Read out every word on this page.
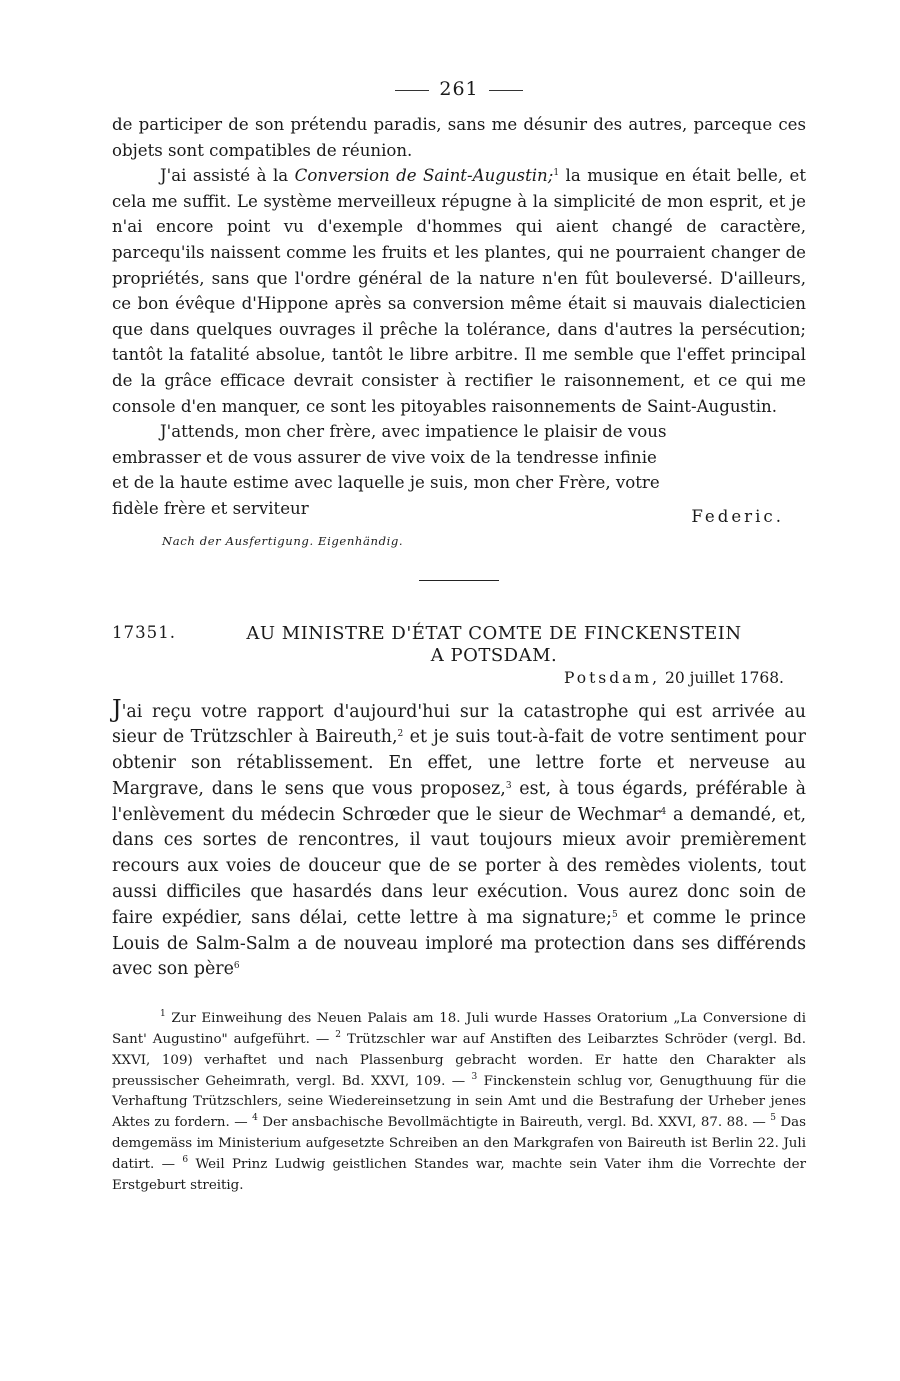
261

de participer de son prétendu paradis, sans me désunir des autres, parceque ces objets sont compatibles de réunion.

J'ai assisté à la Conversion de Saint-Augustin;$^1$ la musique en était belle, et cela me suffit. Le système merveilleux répugne à la simplicité de mon esprit, et je n'ai encore point vu d'exemple d'hommes qui aient changé de caractère, parcequ'ils naissent comme les fruits et les plantes, qui ne pourraient changer de propriétés, sans que l'ordre général de la nature n'en fût bouleversé. D'ailleurs, ce bon évêque d'Hippone après sa conversion même était si mauvais dialecticien que dans quelques ouvrages il prêche la tolérance, dans d'autres la persécution; tantôt la fatalité absolue, tantôt le libre arbitre. Il me semble que l'effet principal de la grâce efficace devrait consister à rectifier le raisonnement, et ce qui me console d'en manquer, ce sont les pitoyables raisonnements de Saint-Augustin.

J'attends, mon cher frère, avec impatience le plaisir de vous embrasser et de vous assurer de vive voix de la tendresse infinie et de la haute estime avec laquelle je suis, mon cher Frère, votre fidèle frère et serviteur	Federic.
Nach der Ausfertigung. Eigenhändig.
17351.	AU MINISTRE D'ÉTAT COMTE DE FINCKENSTEIN
A POTSDAM.
Potsdam, 20 juillet 1768.

J'ai reçu votre rapport d'aujourd'hui sur la catastrophe qui est arrivée au sieur de Trützschler à Baireuth,$^2$ et je suis tout-à-fait de votre sentiment pour obtenir son rétablissement. En effet, une lettre forte et nerveuse au Margrave, dans le sens que vous proposez,$^3$ est, à tous égards, préférable à l'enlèvement du médecin Schrœder que le sieur de Wechmar$^4$ a demandé, et, dans ces sortes de rencontres, il vaut toujours mieux avoir premièrement recours aux voies de douceur que de se porter à des remèdes violents, tout aussi difficiles que hasardés dans leur exécution. Vous aurez donc soin de faire expédier, sans délai, cette lettre à ma signature;$^5$ et comme le prince Louis de Salm-Salm a de nouveau imploré ma protection dans ses différends avec son père$^6$

$^1$ Zur Einweihung des Neuen Palais am 18. Juli wurde Hasses Oratorium „La Conversione di Sant' Augustino" aufgeführt. — $^2$ Trützschler war auf Anstiften des Leibarztes Schröder (vergl. Bd. XXVI, 109) verhaftet und nach Plassenburg gebracht worden. Er hatte den Charakter als preussischer Geheimrath, vergl. Bd. XXVI, 109. — $^3$ Finckenstein schlug vor, Genugthuung für die Verhaftung Trützschlers, seine Wiedereinsetzung in sein Amt und die Bestrafung der Urheber jenes Aktes zu fordern. — $^4$ Der ansbachische Bevollmächtigte in Baireuth, vergl. Bd. XXVI, 87. 88. — $^5$ Das demgemäss im Ministerium aufgesetzte Schreiben an den Markgrafen von Baireuth ist Berlin 22. Juli datirt. — $^6$ Weil Prinz Ludwig geistlichen Standes war, machte sein Vater ihm die Vorrechte der Erstgeburt streitig.
